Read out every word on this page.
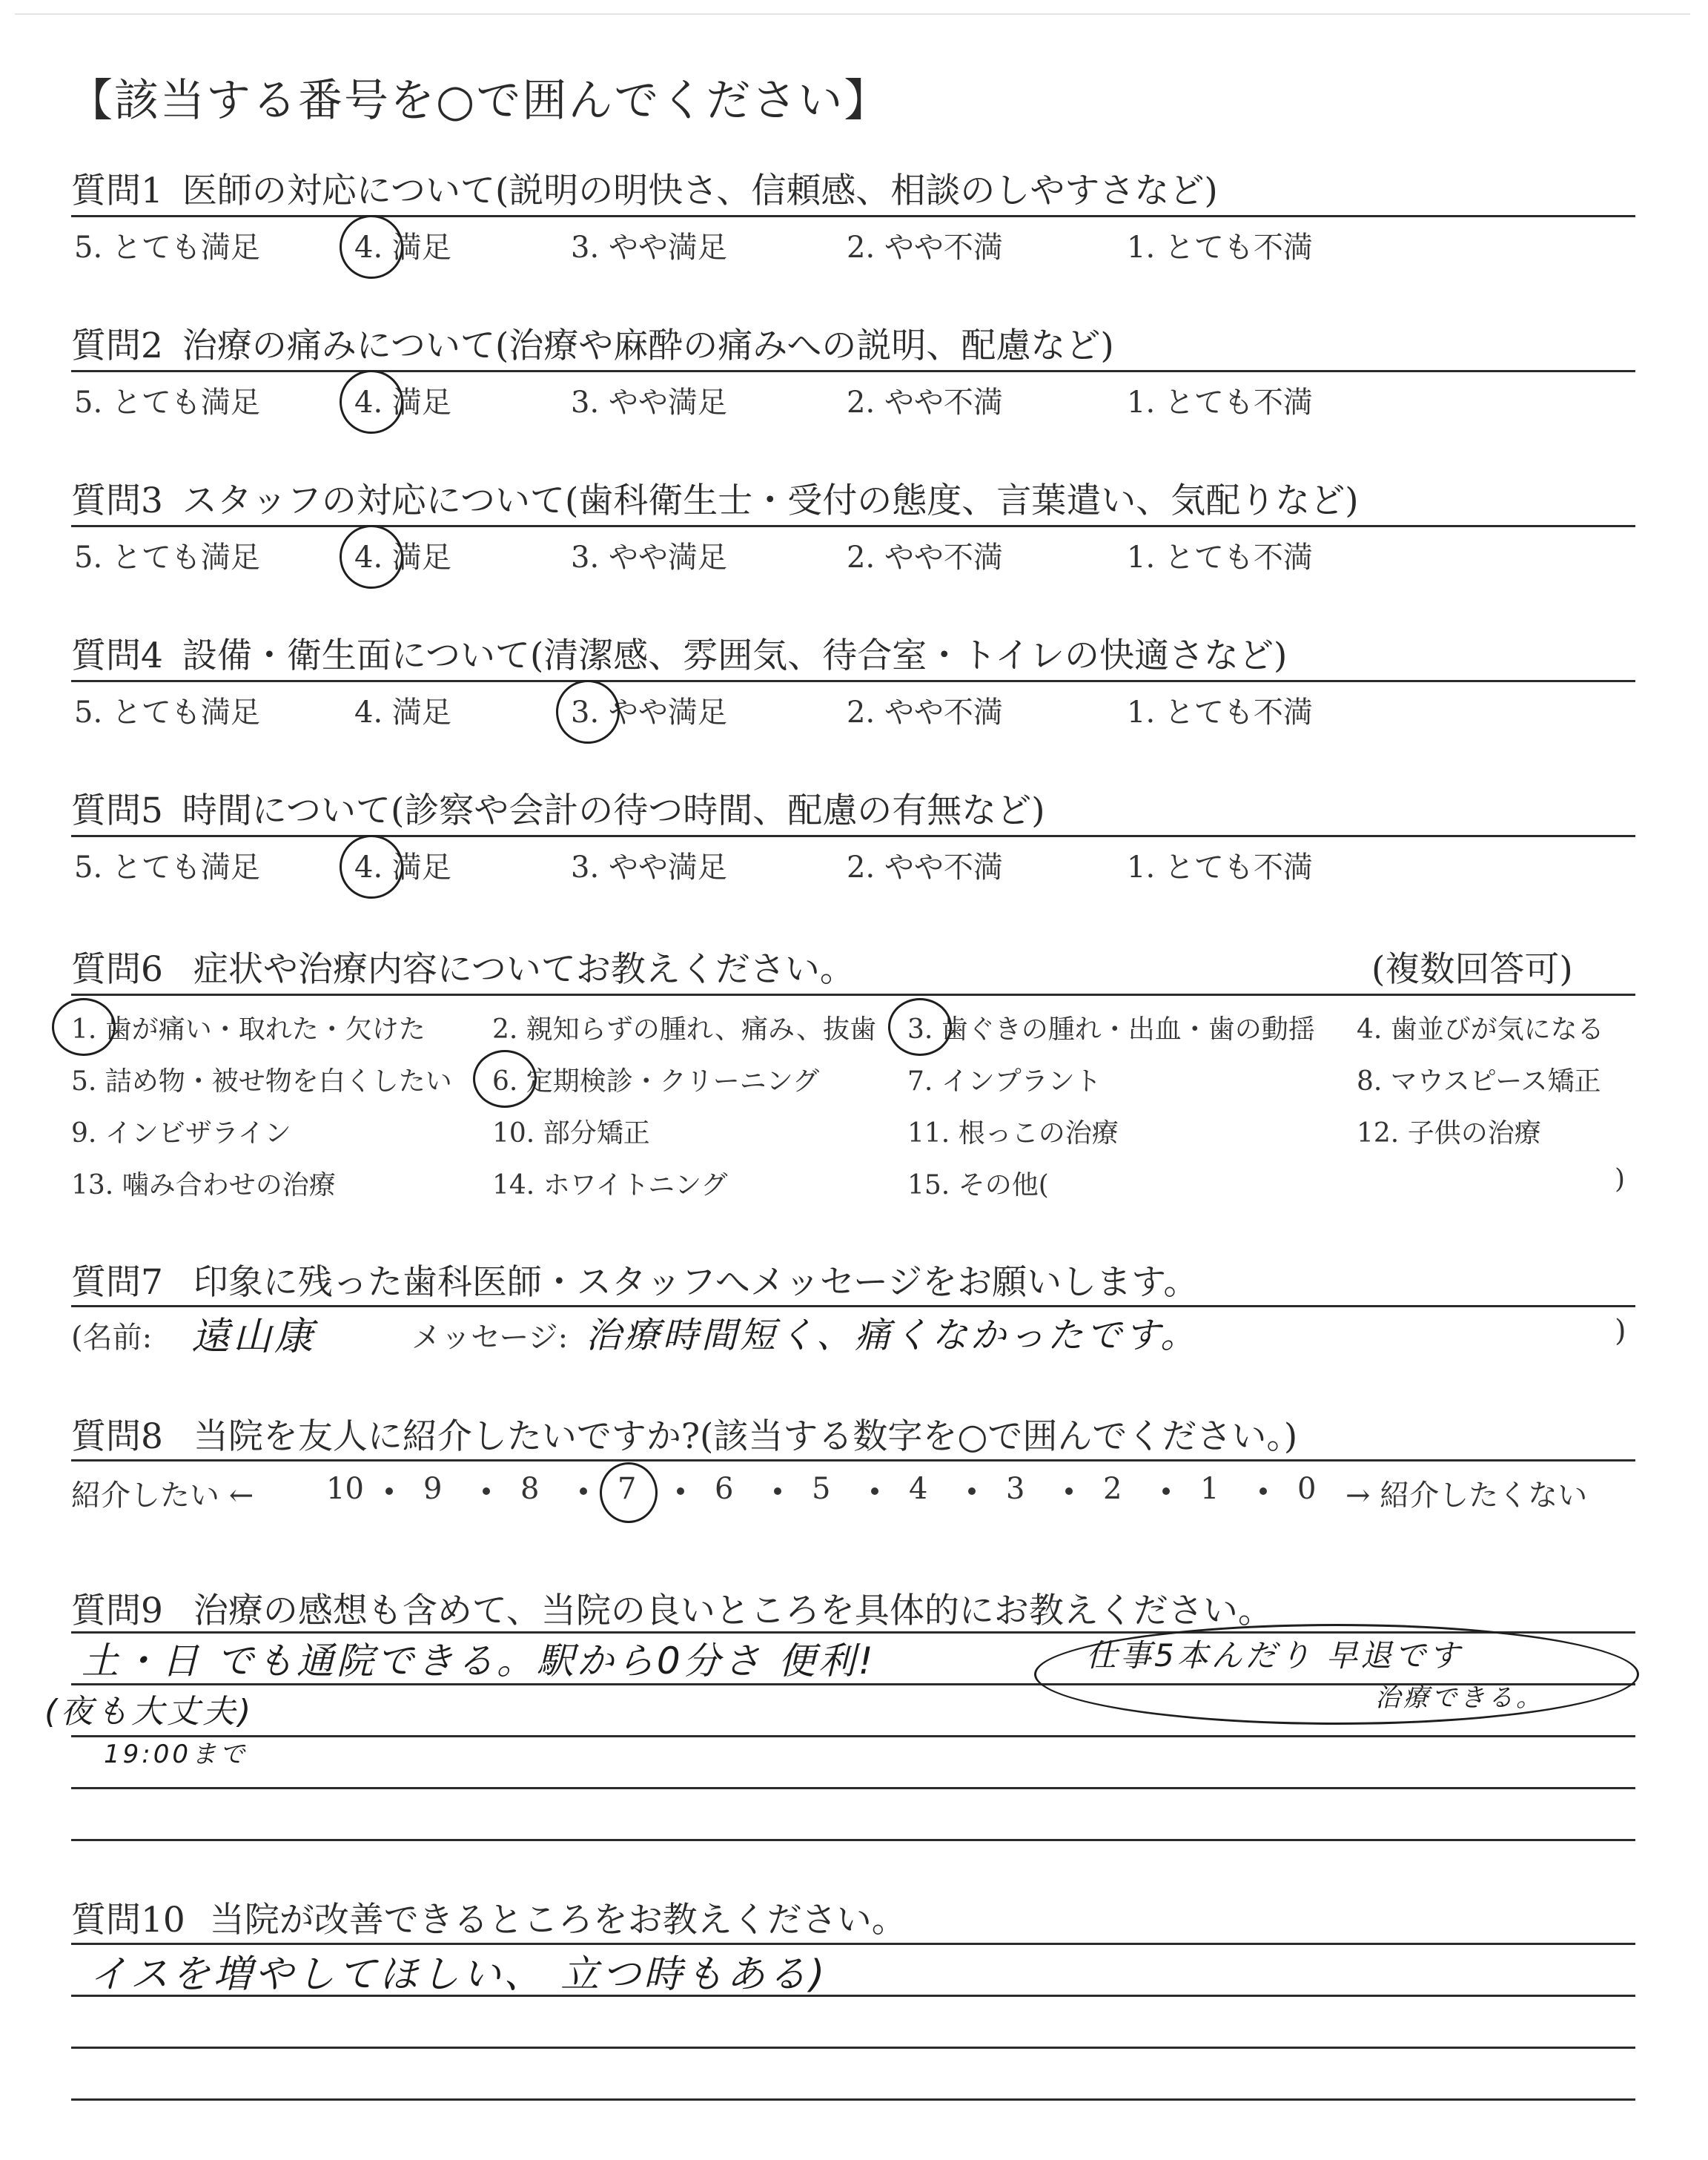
【該当する番号を○で囲んでください】
質問1 医師の対応について(説明の明快さ、信頼感、相談のしやすさなど)
5. とても満足	4. 満足	3. やや満足	2. やや不満	1. とても不満
質問2 治療の痛みについて(治療や麻酔の痛みへの説明、配慮など)
5. とても満足	4. 満足	3. やや満足	2. やや不満	1. とても不満
質問3 スタッフの対応について(歯科衛生士・受付の態度、言葉遣い、気配りなど)
5. とても満足	4. 満足	3. やや満足	2. やや不満	1. とても不満
質問4 設備・衛生面について(清潔感、雰囲気、待合室・トイレの快適さなど)
5. とても満足	4. 満足	3. やや満足	2. やや不満	1. とても不満
質問5 時間について(診察や会計の待つ時間、配慮の有無など)
5. とても満足	4. 満足	3. やや満足	2. やや不満	1. とても不満
質問6 症状や治療内容についてお教えください。	(複数回答可)
1. 歯が痛い・取れた・欠けた	2. 親知らずの腫れ、痛み、抜歯 3. 歯ぐきの腫れ・出血・歯の動揺 4. 歯並びが気になる
5. 詰め物・被せ物を白くしたい 6. 定期検診・クリーニング	7. インプラント	8. マウスピース矯正
9. インビザライン	10. 部分矯正	11. 根っこの治療	12. 子供の治療
13. 噛み合わせの治療	14. ホワイトニング	15. その他(	)
質問7 印象に残った歯科医師・スタッフへメッセージをお願いします。
(名前: 遠山康	メッセージ: 治療時間短く、痛くなかったです。	)
質問8 当院を友人に紹介したいですか?(該当する数字を○で囲んでください。)
紹介したい ← 10 9	8	7	6	5	4	3	2	1	0 → 紹介したくない
質問9 治療の感想も含めて、当院の良いところを具体的にお教えください。
土・日 でも通院できる。駅から0分さ 便利!	仕事5本んだり 早退です
治療できる。
(夜も大丈夫)
19:00まで
質問10 当院が改善できるところをお教えください。
イスを増やしてほしい、 立つ時もある)
